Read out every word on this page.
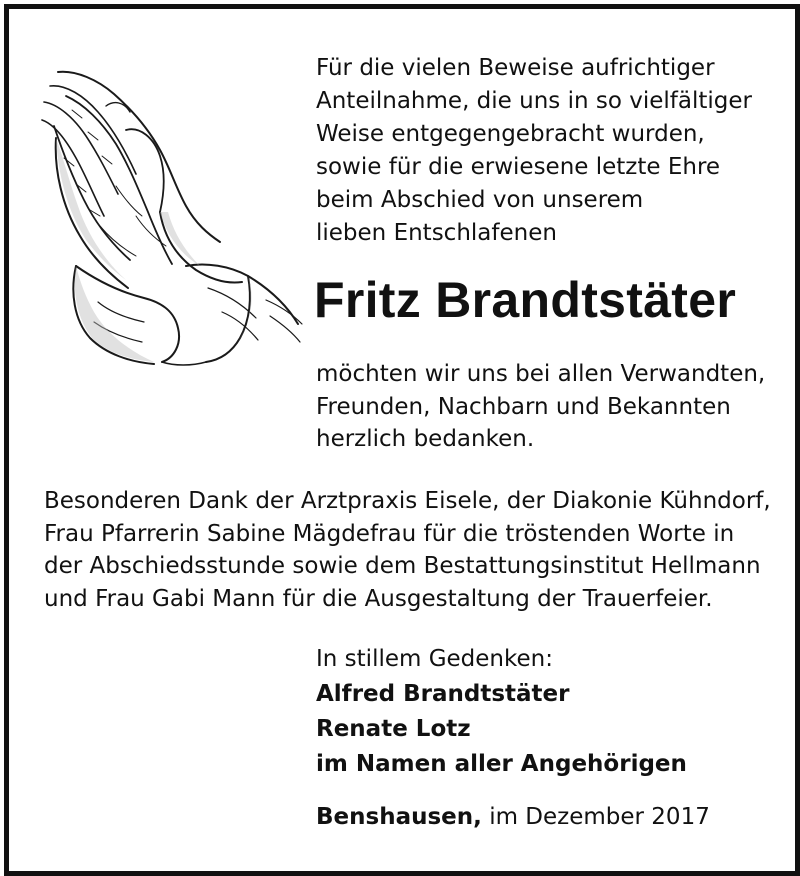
Für die vielen Beweise aufrichtiger
Anteilnahme, die uns in so vielfältiger
Weise entgegengebracht wurden,
sowie für die erwiesene letzte Ehre
beim Abschied von unserem
lieben Entschlafenen
Fritz Brandtstäter
möchten wir uns bei allen Verwandten,
Freunden, Nachbarn und Bekannten
herzlich bedanken.
Besonderen Dank der Arztpraxis Eisele, der Diakonie Kühndorf,
Frau Pfarrerin Sabine Mägdefrau für die tröstenden Worte in
der Abschiedsstunde sowie dem Bestattungsinstitut Hellmann
und Frau Gabi Mann für die Ausgestaltung der Trauerfeier.
In stillem Gedenken:
Alfred Brandtstäter
Renate Lotz
im Namen aller Angehörigen
Benshausen, im Dezember 2017
